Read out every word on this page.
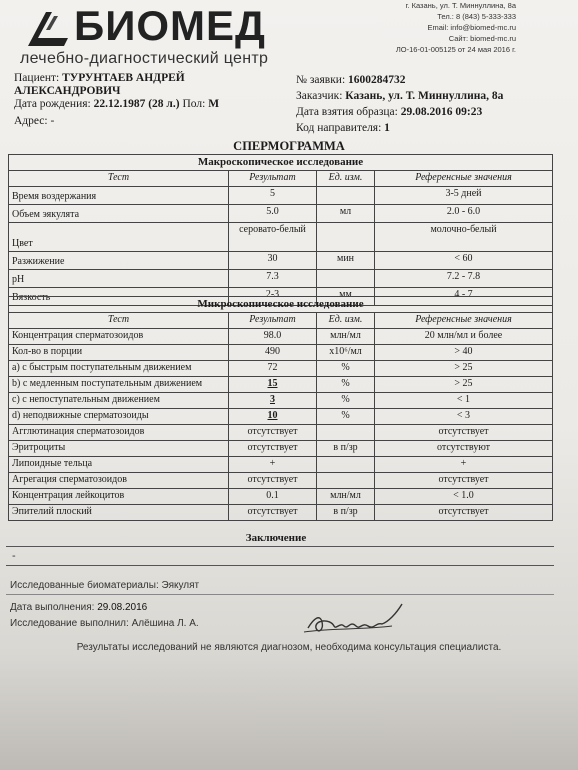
БИОМЕД
лечебно-диагностический центр
г. Казань, ул. Т. Миннуллина, 8а
Тел.: 8 (843) 5-333-333
Email: info@biomed-mc.ru
Сайт: biomed-mc.ru
ЛО-16-01-005125 от 24 мая 2016 г.
Пациент: ТУРУНТАЕВ АНДРЕЙ
АЛЕКСАНДРОВИЧ
Дата рождения: 22.12.1987 (28 л.) Пол: М
Адрес: -
№ заявки: 1600284732
Заказчик: Казань, ул. Т. Миннуллина, 8а
Дата взятия образца: 29.08.2016 09:23
Код направителя: 1
СПЕРМОГРАММА
Макроскопическое исследование			
Тест	Результат	Ед. изм.	Референсные значения
Время воздержания	5		3-5 дней
Объем эякулята	5.0	мл	2.0 - 6.0
Цвет	серовато-белый		молочно-белый
Разжижение	30	мин	< 60
pH	7.3		7.2 - 7.8
Вязкость	2-3	мм	4 - 7
Микроскопическое исследование			
Тест	Результат	Ед. изм.	Референсные значения
Концентрация сперматозоидов	98.0	млн/мл	20 млн/мл и более
Кол-во в порции	490	x10⁶/мл	> 40
a) с быстрым поступательным движением	72	%	> 25
b) с медленным поступательным движением	15	%	> 25
c) с непоступательным движением	3	%	< 1
d) неподвижные сперматозоиды	10	%	< 3
Агглютинация сперматозоидов	отсутствует		отсутствует
Эритроциты	отсутствует	в п/зр	отсутствуют
Липоидные тельца	+		+
Агрегация сперматозоидов	отсутствует		отсутствует
Концентрация лейкоцитов	0.1	млн/мл	< 1.0
Эпителий плоский	отсутствует	в п/зр	отсутствует
Заключение
-
Исследованные биоматериалы: Эякулят
Дата выполнения: 29.08.2016
Исследование выполнил: Алёшина Л. А.
Результаты исследований не являются диагнозом, необходима консультация специалиста.
